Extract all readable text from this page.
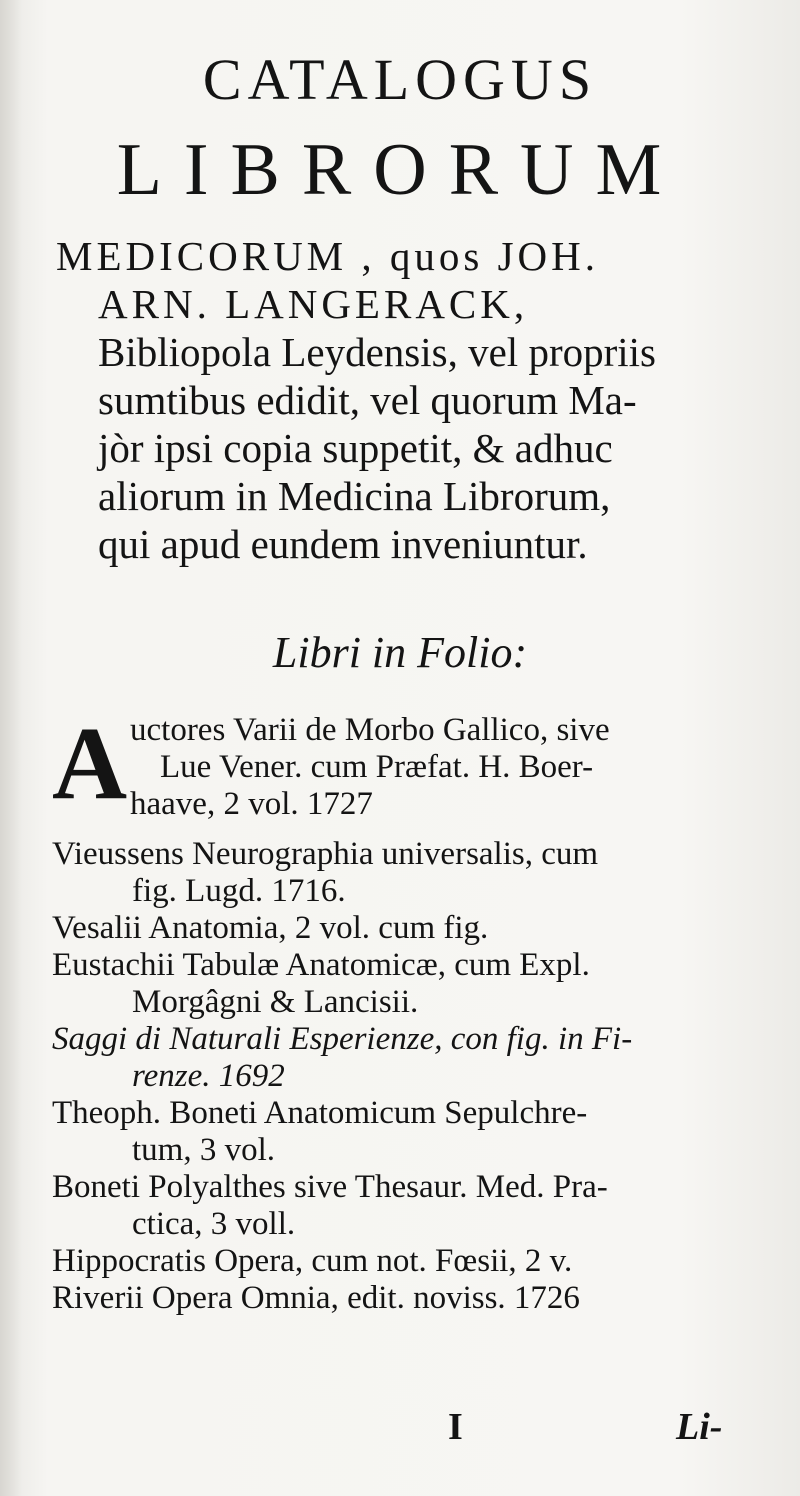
CATALOGUS
LIBRORUM
MEDICORUM , quos JOH.
ARN. LANGERACK,
Bibliopola Leydensis, vel propriis
sumtibus edidit, vel quorum Ma-
jòr ipsi copia suppetit, & adhuc
aliorum in Medicina Librorum,
qui apud eundem inveniuntur.
Libri in Folio:
A uctores Varii de Morbo Gallico, sive
Lue Vener. cum Præfat. H. Boer-
haave, 2 vol. 1727
Vieussens Neurographia universalis, cum
fig. Lugd. 1716.
Vesalii Anatomia, 2 vol. cum fig.
Eustachii Tabulæ Anatomicæ, cum Expl.
Morgâgni & Lancisii.
Saggi di Naturali Esperienze, con fig. in Fi-
renze. 1692
Theoph. Boneti Anatomicum Sepulchre-
tum, 3 vol.
Boneti Polyalthes sive Thesaur. Med. Pra-
ctica, 3 voll.
Hippocratis Opera, cum not. Fœsii, 2 v.
Riverii Opera Omnia, edit. noviss. 1726
I	Li-
